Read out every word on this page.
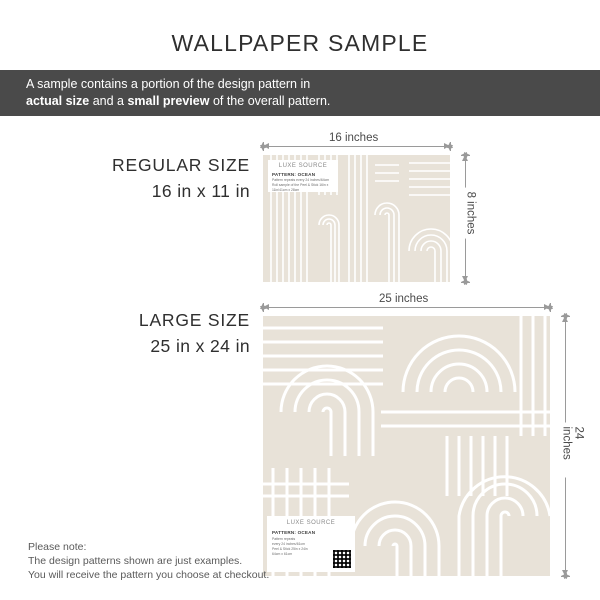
WALLPAPER SAMPLE
A sample contains a portion of the design pattern in
actual size and a small preview of the overall pattern.
REGULAR SIZE
16 in x 11 in
16 inches
8 inches
LUXE SOURCE
PATTERN: OCEAN
Pattern repeats every 24 inches/64cm
Roll sample of the Peel & Stick 16in x 11in/41cm x 28cm
LARGE SIZE
25 in x 24 in
25 inches
24 inches
LUXE SOURCE
PATTERN: OCEAN
Pattern repeats
every 24 inches/61cm
Peel & Stick 25in x 24in
64cm x 61cm
Please note:
The design patterns shown are just examples.
You will receive the pattern you choose at checkout.
